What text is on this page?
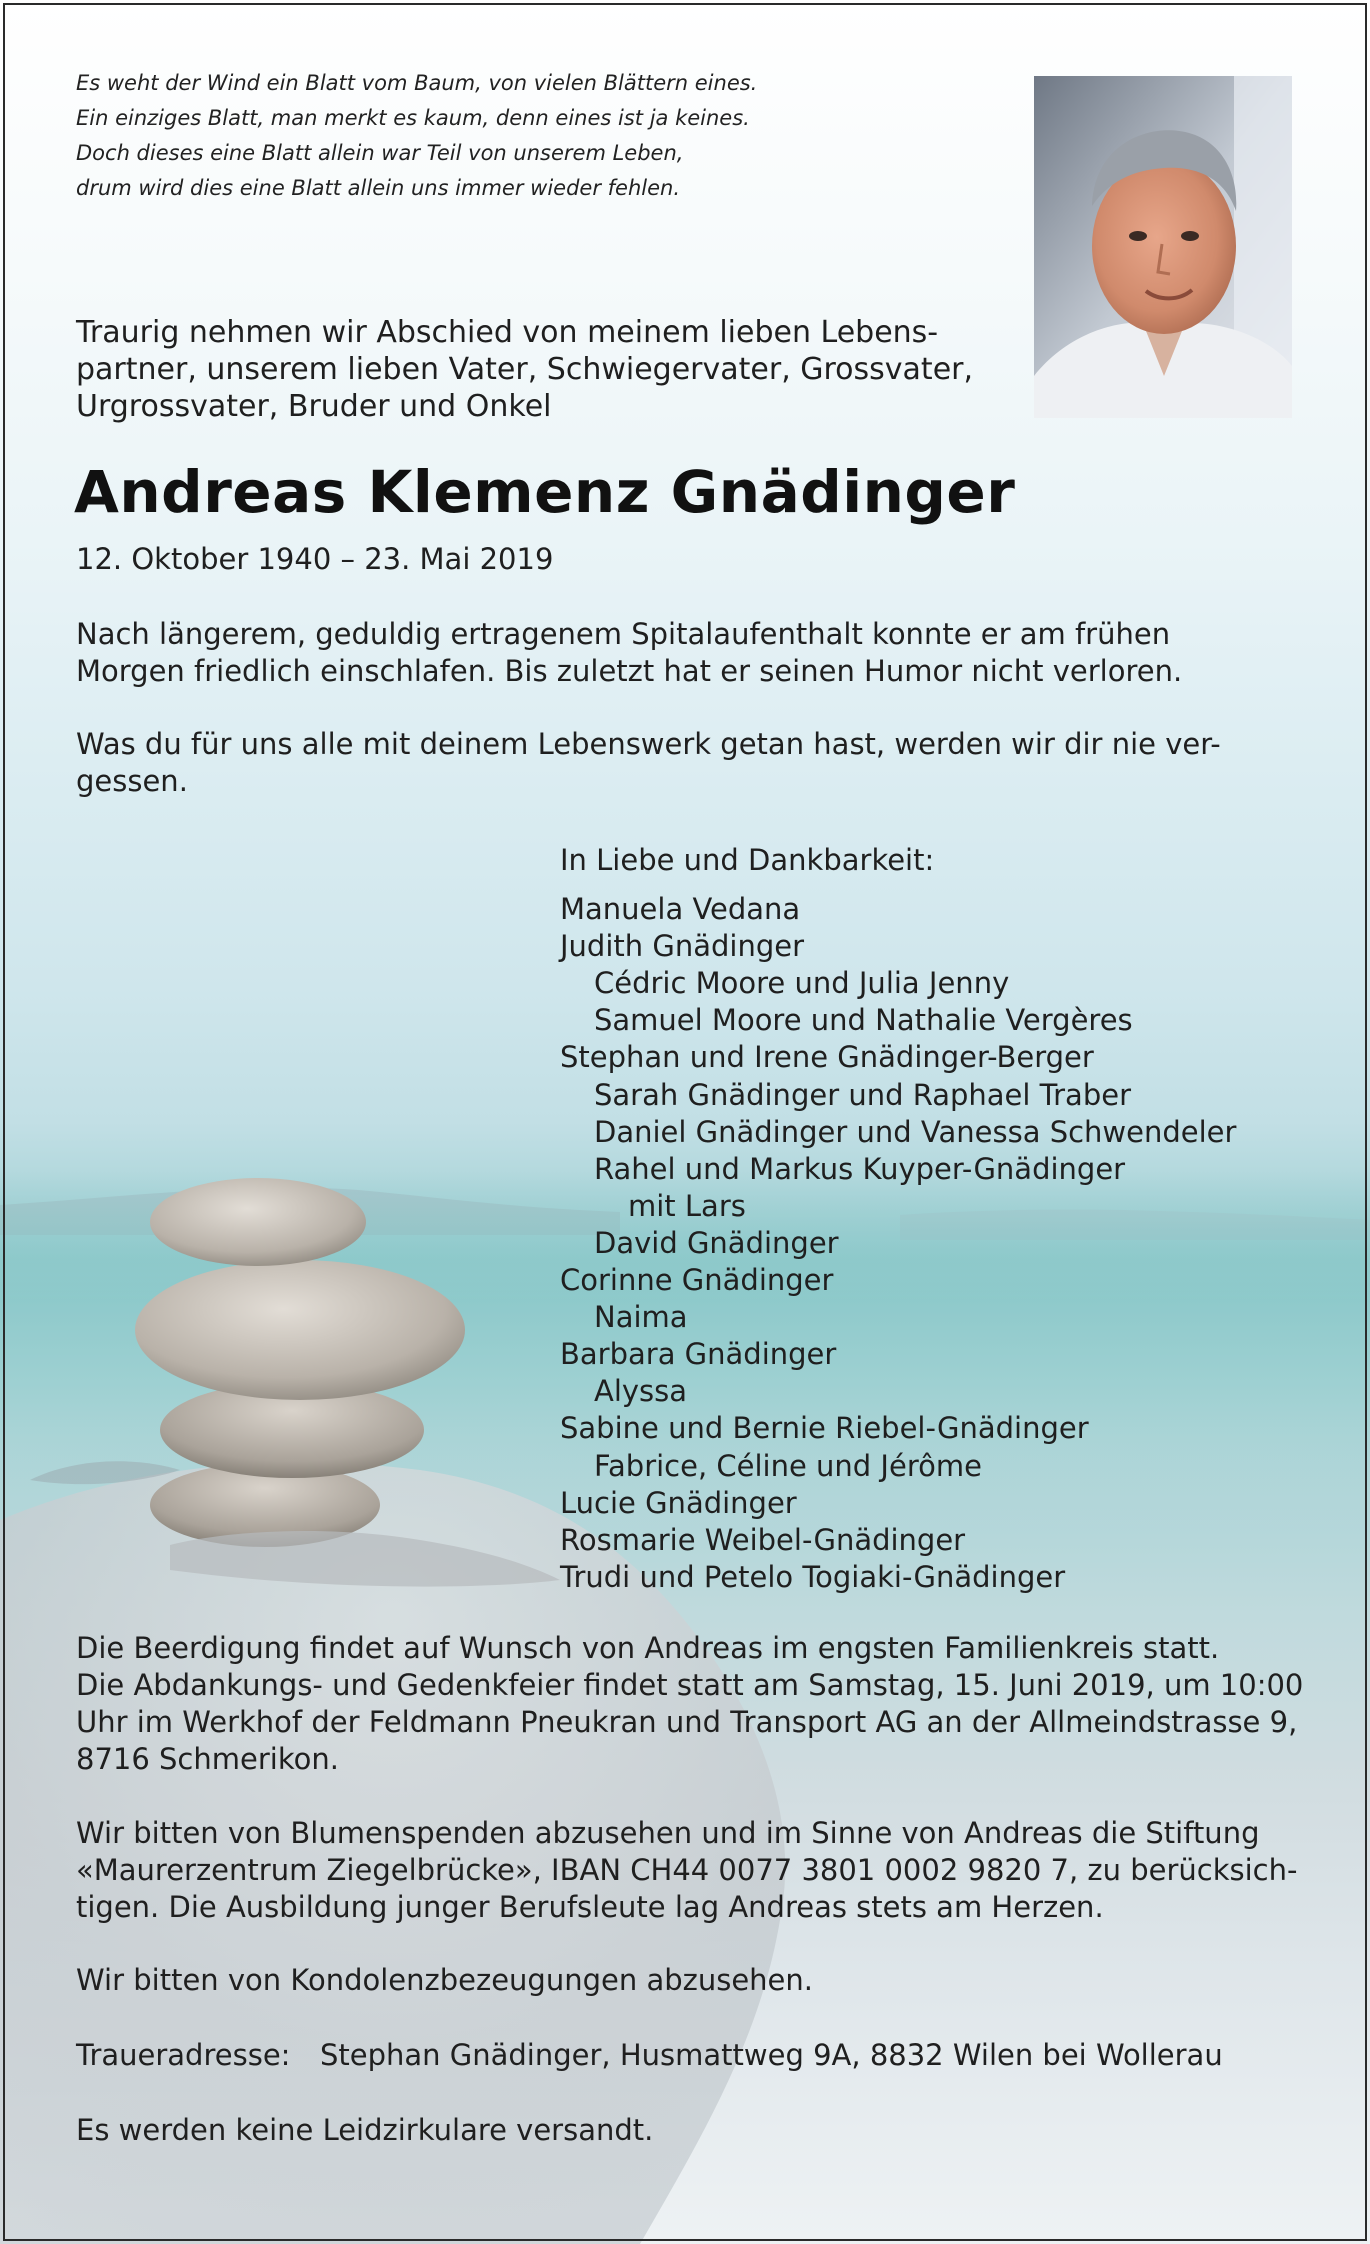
Es weht der Wind ein Blatt vom Baum, von vielen Blättern eines.
Ein einziges Blatt, man merkt es kaum, denn eines ist ja keines.
Doch dieses eine Blatt allein war Teil von unserem Leben,
drum wird dies eine Blatt allein uns immer wieder fehlen.
Traurig nehmen wir Abschied von meinem lieben Lebens-
partner, unserem lieben Vater, Schwiegervater, Grossvater,
Urgrossvater, Bruder und Onkel
Andreas Klemenz Gnädinger
12. Oktober 1940 – 23. Mai 2019
Nach längerem, geduldig ertragenem Spitalaufenthalt konnte er am frühen
Morgen friedlich einschlafen. Bis zuletzt hat er seinen Humor nicht verloren.
Was du für uns alle mit deinem Lebenswerk getan hast, werden wir dir nie ver-
gessen.
In Liebe und Dankbarkeit:
Manuela Vedana
Judith Gnädinger
Cédric Moore und Julia Jenny
Samuel Moore und Nathalie Vergères
Stephan und Irene Gnädinger-Berger
Sarah Gnädinger und Raphael Traber
Daniel Gnädinger und Vanessa Schwendeler
Rahel und Markus Kuyper-Gnädinger
mit Lars
David Gnädinger
Corinne Gnädinger
Naima
Barbara Gnädinger
Alyssa
Sabine und Bernie Riebel-Gnädinger
Fabrice, Céline und Jérôme
Lucie Gnädinger
Rosmarie Weibel-Gnädinger
Trudi und Petelo Togiaki-Gnädinger
Die Beerdigung findet auf Wunsch von Andreas im engsten Familienkreis statt.
Die Abdankungs- und Gedenkfeier findet statt am Samstag, 15. Juni 2019, um 10:00
Uhr im Werkhof der Feldmann Pneukran und Transport AG an der Allmeindstrasse 9,
8716 Schmerikon.
Wir bitten von Blumenspenden abzusehen und im Sinne von Andreas die Stiftung
«Maurerzentrum Ziegelbrücke», IBAN CH44 0077 3801 0002 9820 7, zu berücksich-
tigen. Die Ausbildung junger Berufsleute lag Andreas stets am Herzen.
Wir bitten von Kondolenzbezeugungen abzusehen.
Traueradresse: Stephan Gnädinger, Husmattweg 9A, 8832 Wilen bei Wollerau
Es werden keine Leidzirkulare versandt.
